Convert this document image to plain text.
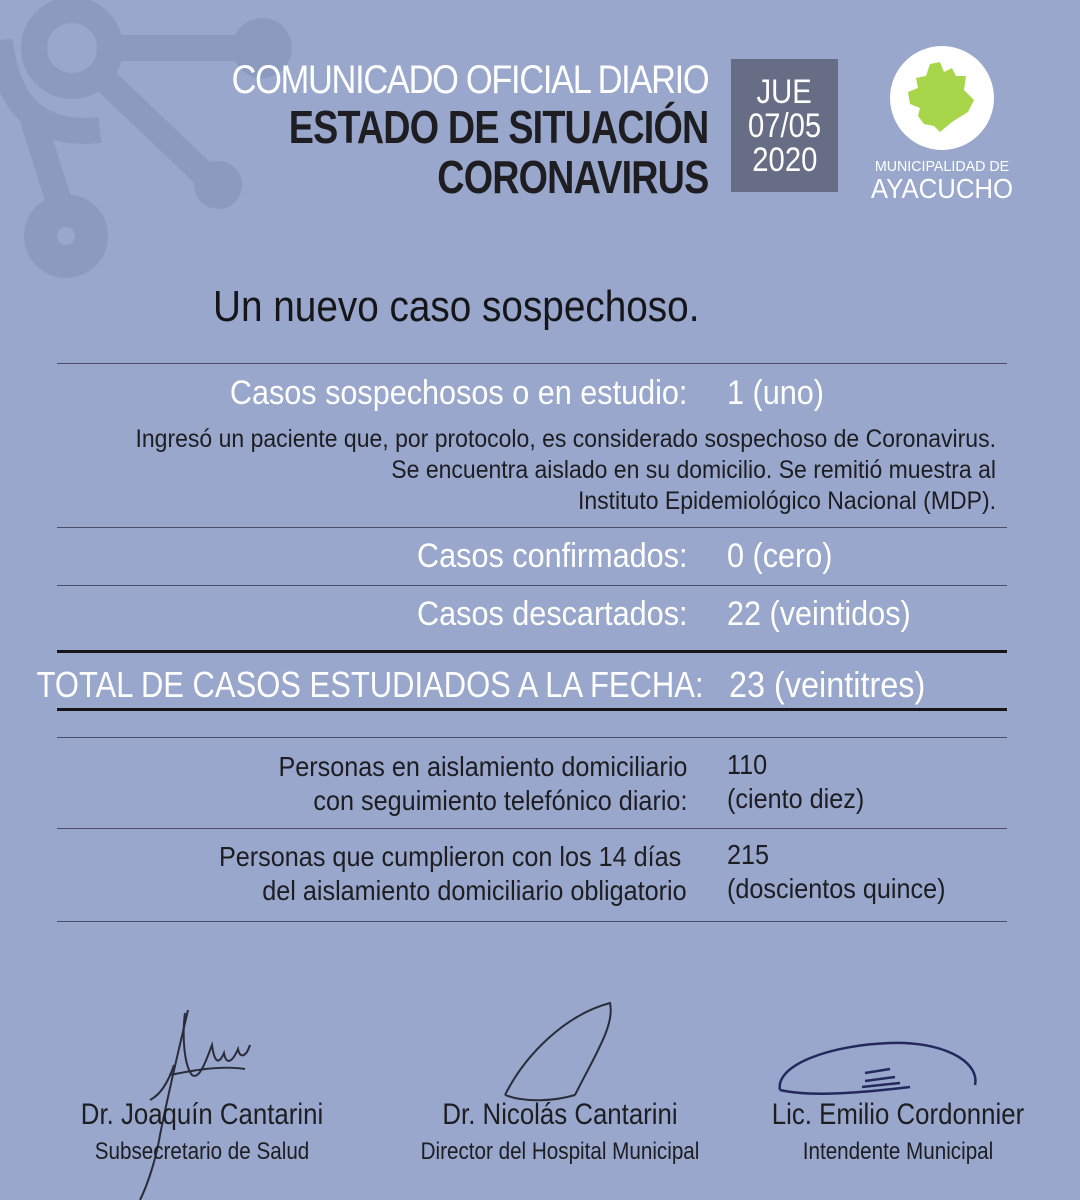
COMUNICADO OFICIAL DIARIO
ESTADO DE SITUACIÓN
CORONAVIRUS
JUE
07/05
2020	MUNICIPALIDAD DE
AYACUCHO
Un nuevo caso sospechoso.
Casos sospechosos o en estudio: 1 (uno)
Ingresó un paciente que, por protocolo, es considerado sospechoso de Coronavirus.
Se encuentra aislado en su domicilio. Se remitió muestra al
Instituto Epidemiológico Nacional (MDP).
Casos confirmados: 0 (cero)
Casos descartados: 22 (veintidos)
TOTAL DE CASOS ESTUDIADOS A LA FECHA: 23 (veintitres)
Personas en aislamiento domiciliario
con seguimiento telefónico diario:
110
(ciento diez)
Personas que cumplieron con los 14 días
del aislamiento domiciliario obligatorio
215
(doscientos quince)
Dr. Joaquín Cantarini
Subsecretario de Salud
Dr. Nicolás Cantarini
Director del Hospital Municipal
Lic. Emilio Cordonnier
Intendente Municipal
